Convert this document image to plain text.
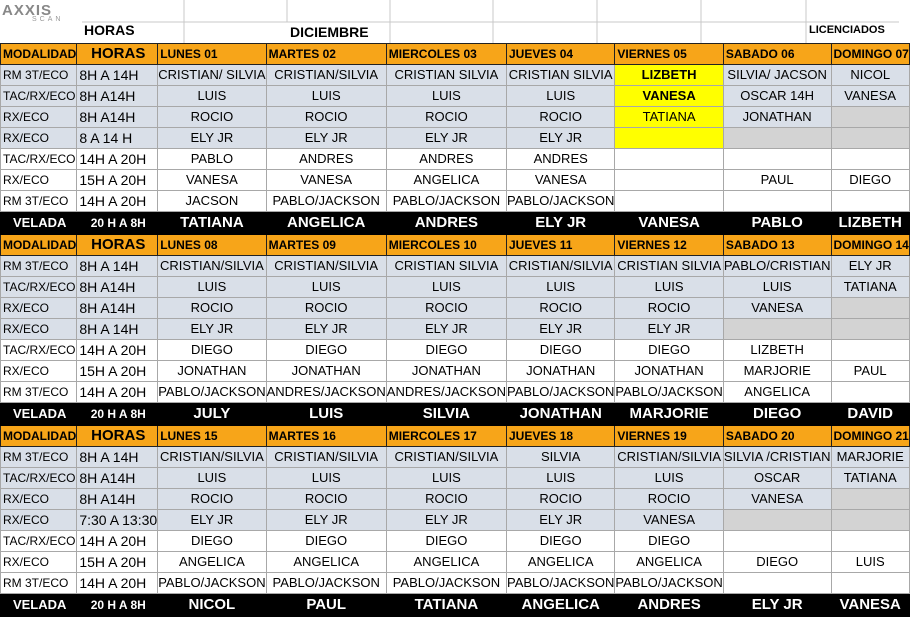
AXXIS
SCAN
HORAS	DICIEMBRE	LICENCIADOS
MODALIDAD	HORAS	LUNES 01	MARTES 02	MIERCOLES 03	JUEVES 04	VIERNES 05	SABADO 06	DOMINGO 07
RM 3T/ECO	8H A 14H	CRISTIAN/ SILVIA	CRISTIAN/SILVIA	CRISTIAN SILVIA	CRISTIAN SILVIA	LIZBETH	SILVIA/ JACSON	NICOL
TAC/RX/ECO	8H A14H	LUIS	LUIS	LUIS	LUIS	VANESA	OSCAR 14H	VANESA
RX/ECO	8H A14H	ROCIO	ROCIO	ROCIO	ROCIO	TATIANA	JONATHAN	
RX/ECO	8 A 14 H	ELY JR	ELY JR	ELY JR	ELY JR			
TAC/RX/ECO	14H A 20H	PABLO	ANDRES	ANDRES	ANDRES			
RX/ECO	15H A 20H	VANESA	VANESA	ANGELICA	VANESA		PAUL	DIEGO
RM 3T/ECO	14H A 20H	JACSON	PABLO/JACKSON	PABLO/JACKSON	PABLO/JACKSON			
VELADA	20 H A 8H	TATIANA	ANGELICA	ANDRES	ELY JR	VANESA	PABLO	LIZBETH
MODALIDAD	HORAS	LUNES 08	MARTES 09	MIERCOLES 10	JUEVES 11	VIERNES 12	SABADO 13	DOMINGO 14
RM 3T/ECO	8H A 14H	CRISTIAN/SILVIA	CRISTIAN/SILVIA	CRISTIAN SILVIA	CRISTIAN/SILVIA	CRISTIAN SILVIA	PABLO/CRISTIAN	ELY JR
TAC/RX/ECO	8H A14H	LUIS	LUIS	LUIS	LUIS	LUIS	LUIS	TATIANA
RX/ECO	8H A14H	ROCIO	ROCIO	ROCIO	ROCIO	ROCIO	VANESA	
RX/ECO	8H A 14H	ELY JR	ELY JR	ELY JR	ELY JR	ELY JR		
TAC/RX/ECO	14H A 20H	DIEGO	DIEGO	DIEGO	DIEGO	DIEGO	LIZBETH	
RX/ECO	15H A 20H	JONATHAN	JONATHAN	JONATHAN	JONATHAN	JONATHAN	MARJORIE	PAUL
RM 3T/ECO	14H A 20H	PABLO/JACKSON	ANDRES/JACKSON	ANDRES/JACKSON	PABLO/JACKSON	PABLO/JACKSON	ANGELICA	
VELADA	20 H A 8H	JULY	LUIS	SILVIA	JONATHAN	MARJORIE	DIEGO	DAVID
MODALIDAD	HORAS	LUNES 15	MARTES 16	MIERCOLES 17	JUEVES 18	VIERNES 19	SABADO 20	DOMINGO 21
RM 3T/ECO	8H A 14H	CRISTIAN/SILVIA	CRISTIAN/SILVIA	CRISTIAN/SILVIA	SILVIA	CRISTIAN/SILVIA	SILVIA /CRISTIAN	MARJORIE
TAC/RX/ECO	8H A14H	LUIS	LUIS	LUIS	LUIS	LUIS	OSCAR	TATIANA
RX/ECO	8H A14H	ROCIO	ROCIO	ROCIO	ROCIO	ROCIO	VANESA	
RX/ECO	7:30 A 13:30	ELY JR	ELY JR	ELY JR	ELY JR	VANESA		
TAC/RX/ECO	14H A 20H	DIEGO	DIEGO	DIEGO	DIEGO	DIEGO		
RX/ECO	15H A 20H	ANGELICA	ANGELICA	ANGELICA	ANGELICA	ANGELICA	DIEGO	LUIS
RM 3T/ECO	14H A 20H	PABLO/JACKSON	PABLO/JACKSON	PABLO/JACKSON	PABLO/JACKSON	PABLO/JACKSON		
VELADA	20 H A 8H	NICOL	PAUL	TATIANA	ANGELICA	ANDRES	ELY JR	VANESA
